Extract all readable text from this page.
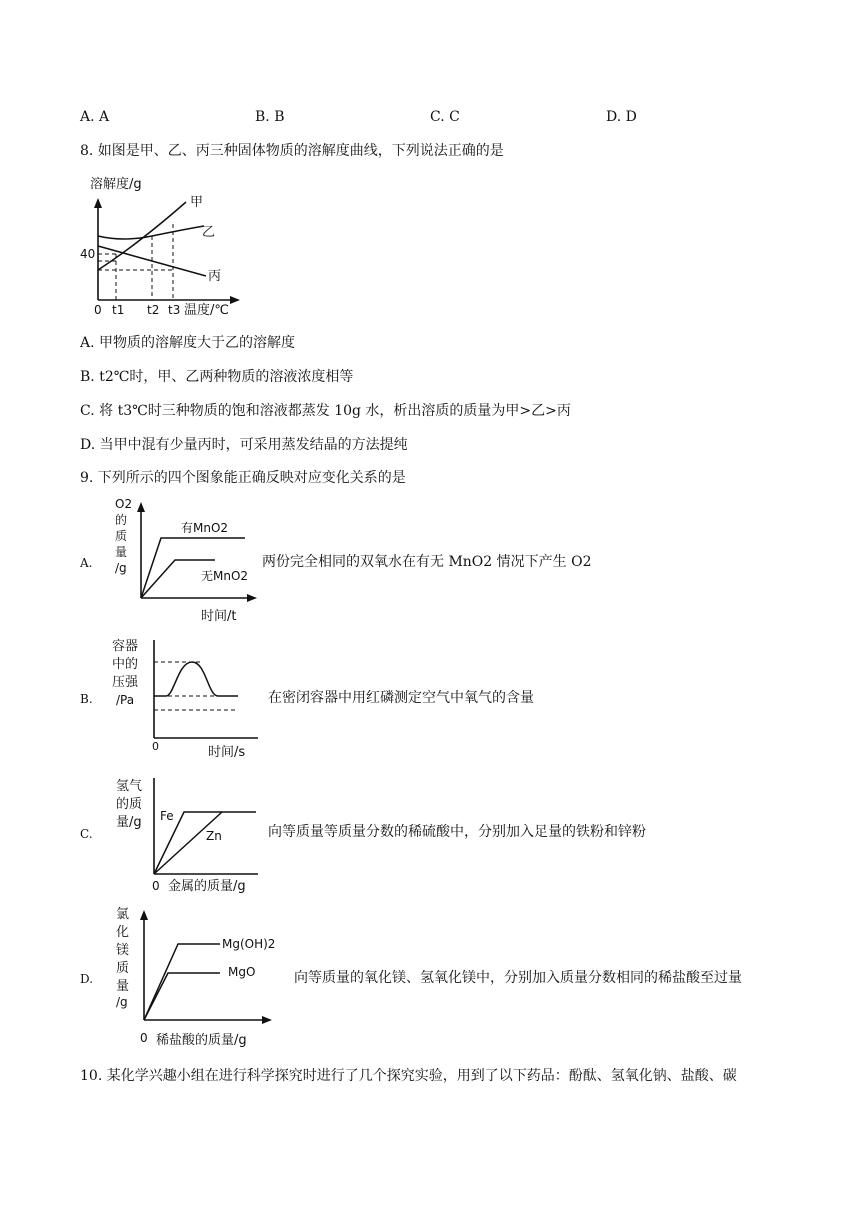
A. A	B. B	C. C	D. D
8. 如图是甲、乙、丙三种固体物质的溶解度曲线，下列说法正确的是
溶解度/g
40
0 t1 t2 t3 温度/℃
甲
乙
丙
A. 甲物质的溶解度大于乙的溶解度
B. t2℃时，甲、乙两种物质的溶液浓度相等
C. 将 t3℃时三种物质的饱和溶液都蒸发 10g 水，析出溶质的质量为甲>乙>丙
D. 当甲中混有少量丙时，可采用蒸发结晶的方法提纯
9. 下列所示的四个图象能正确反映对应变化关系的是
A.
O2
的
质
量
/g
有MnO2
无MnO2
时间/t
两份完全相同的双氧水在有无 MnO2 情况下产生 O2
B.
容器
中的
压强
/Pa
0	时间/s
在密闭容器中用红磷测定空气中氧气的含量
C.
氢气
的质
量/g Fe
Zn
0 金属的质量/g
向等质量等质量分数的稀硫酸中，分别加入足量的铁粉和锌粉
D.
氯
化
镁
质
量
/g
Mg(OH)2
MgO
0 稀盐酸的质量/g
向等质量的氧化镁、氢氧化镁中，分别加入质量分数相同的稀盐酸至过量
10. 某化学兴趣小组在进行科学探究时进行了几个探究实验，用到了以下药品：酚酞、氢氧化钠、盐酸、碳
